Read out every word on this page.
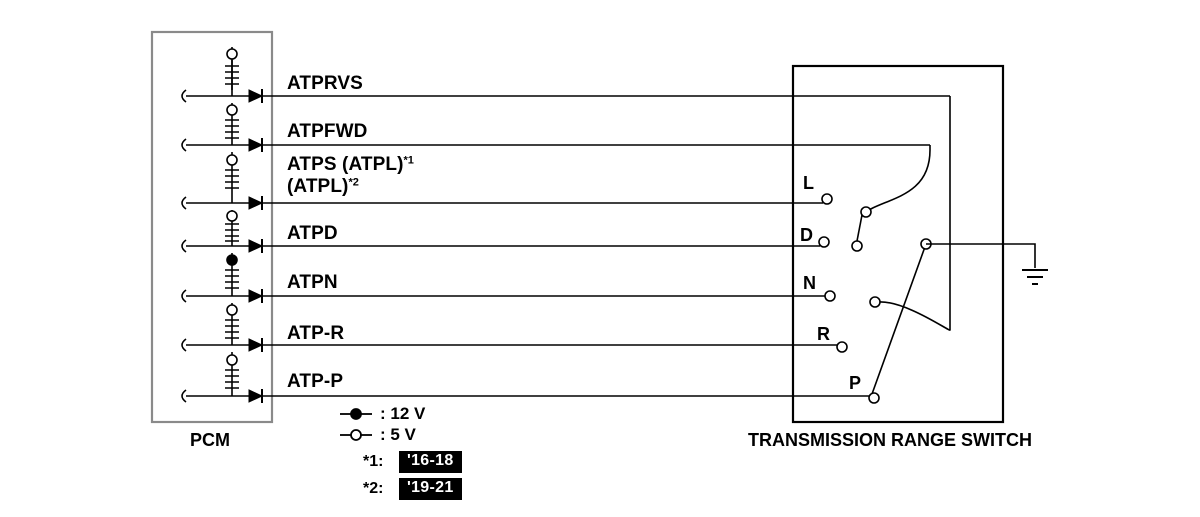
ATPRVS
ATPFWD
ATPS (ATPL)$^{*1}$
(ATPL)$^{*2}$
ATPD
ATPN
ATP-R
ATP-P
L
D
N
R
P
PCM	TRANSMISSION RANGE SWITCH
: 12 V
: 5 V
*1:	'16-18
*2:	'19-21
